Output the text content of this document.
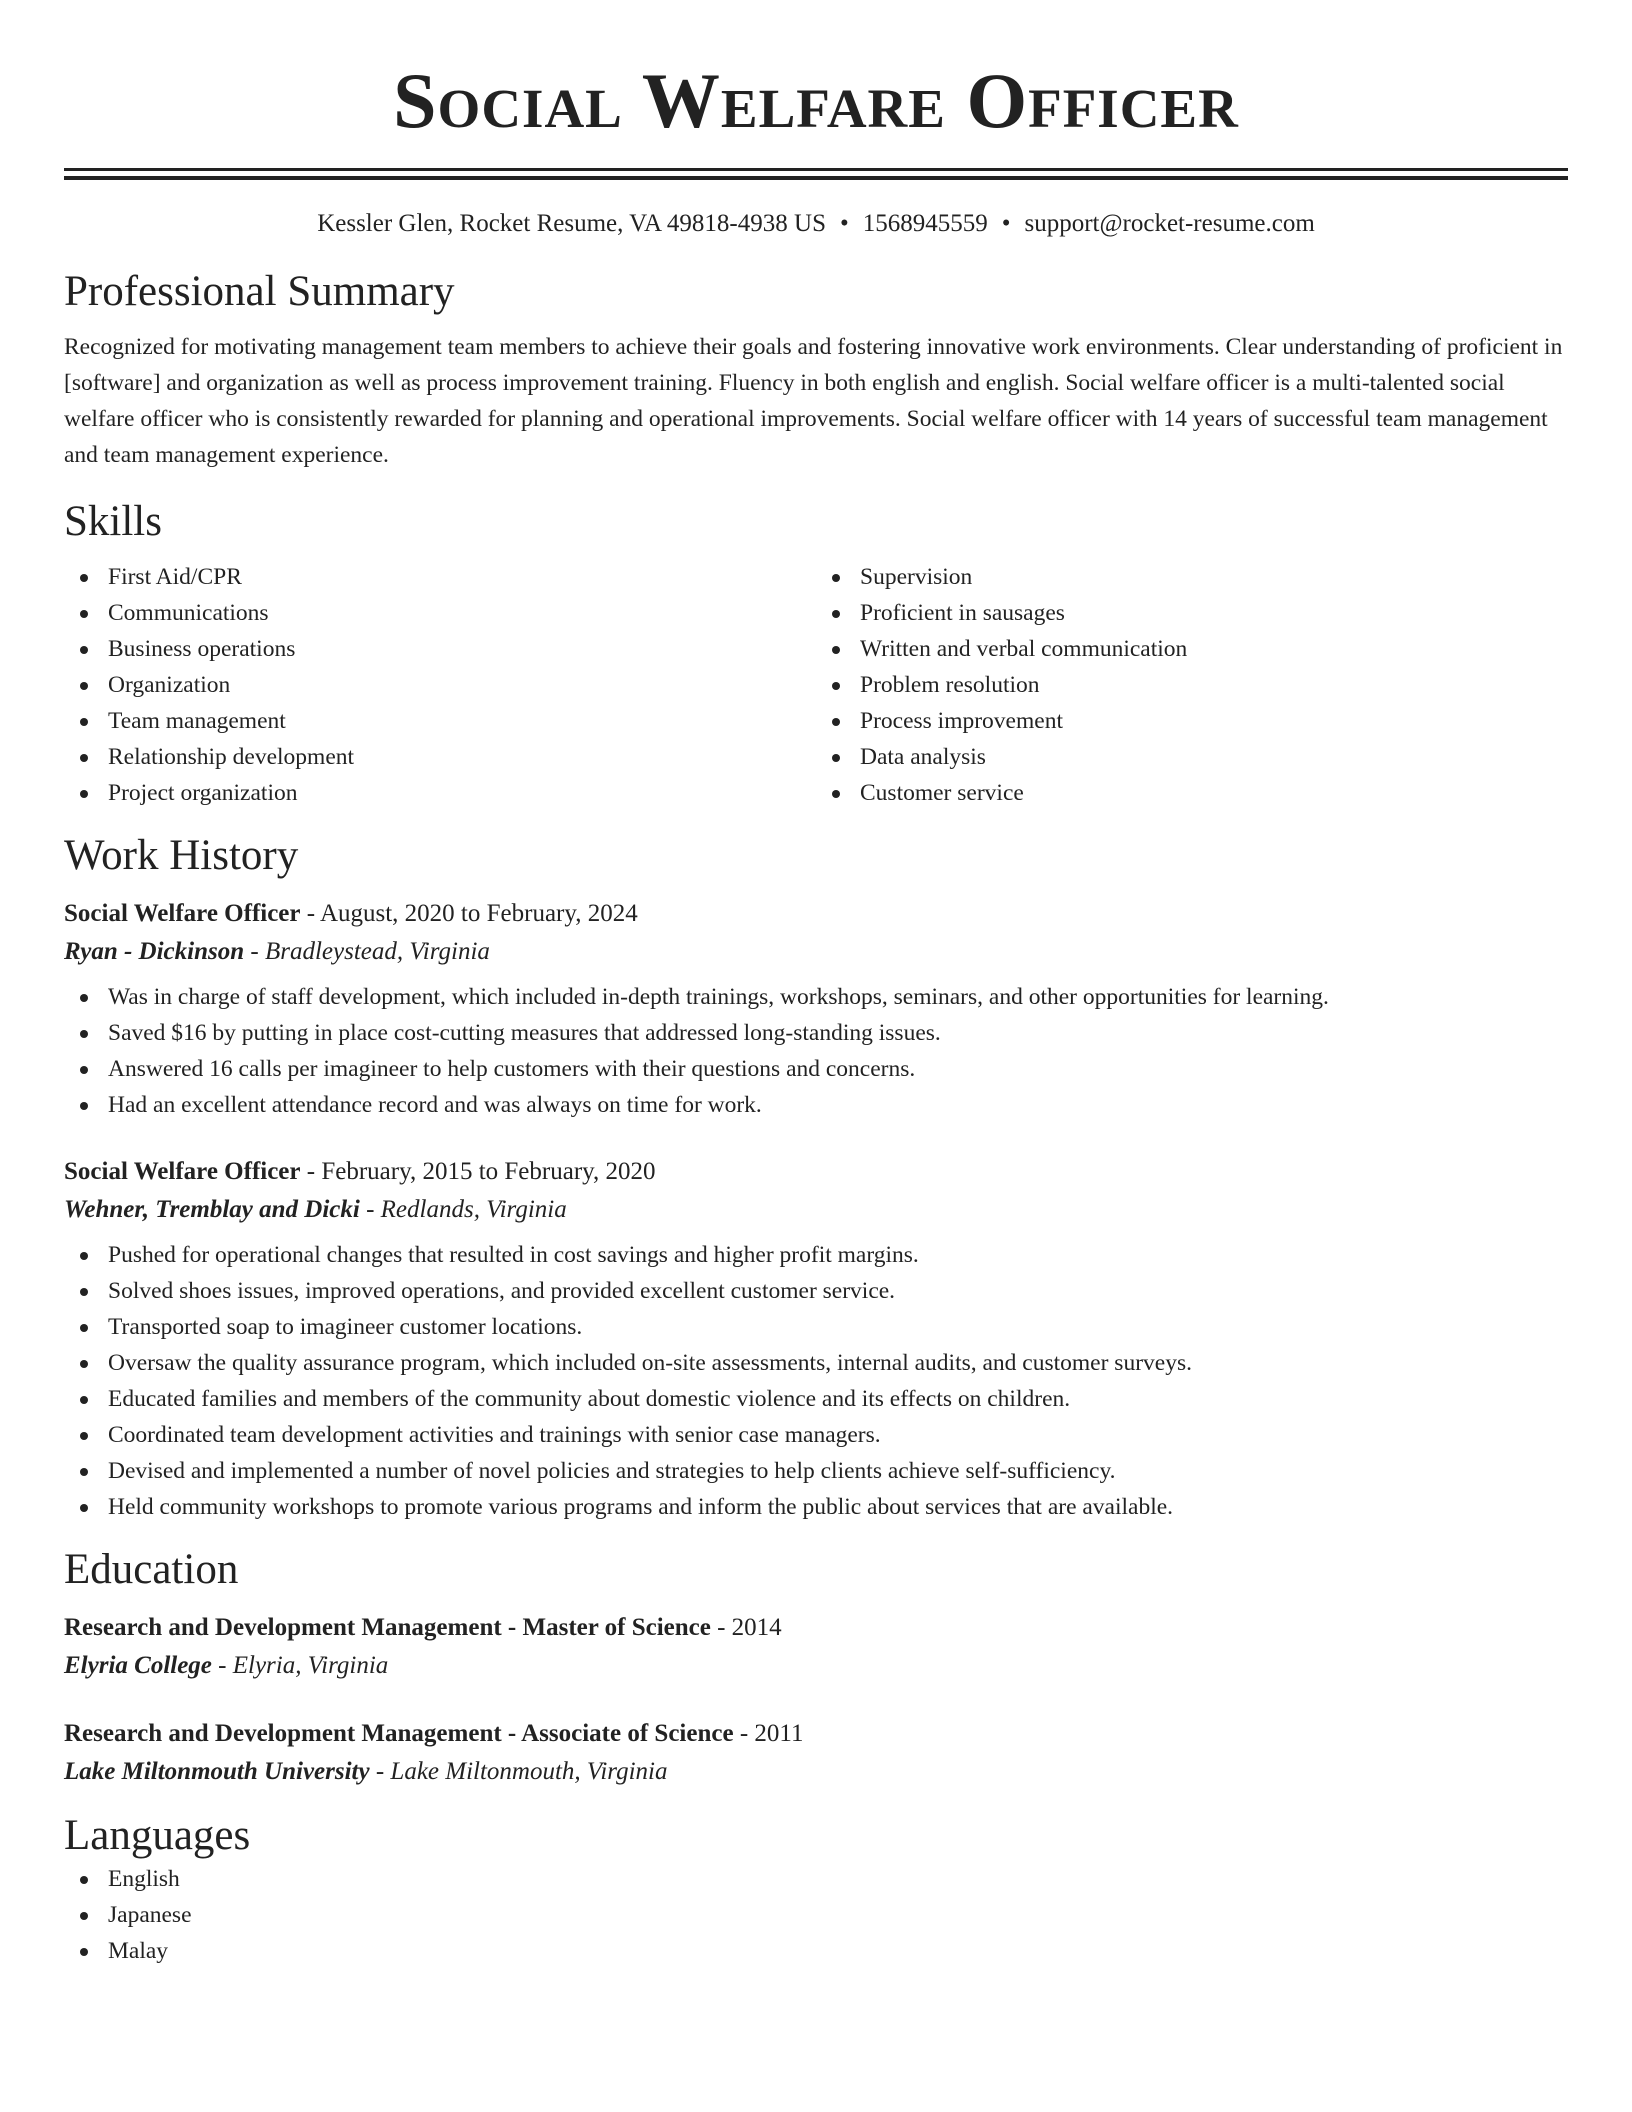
Social Welfare Officer
Kessler Glen, Rocket Resume, VA 49818-4938 US • 1568945559 • support@rocket-resume.com
Professional Summary

Recognized for motivating management team members to achieve their goals and fostering innovative work environments. Clear understanding of proficient in [software] and organization as well as process improvement training. Fluency in both english and english. Social welfare officer is a multi-talented social welfare officer who is consistently rewarded for planning and operational improvements. Social welfare officer with 14 years of successful team management and team management experience.

Skills
First Aid/CPR
Communications
Business operations
Organization
Team management
Relationship development
Project organization
Supervision
Proficient in sausages
Written and verbal communication
Problem resolution
Process improvement
Data analysis
Customer service
Work History
Social Welfare Officer - August, 2020 to February, 2024
Ryan - Dickinson - Bradleystead, Virginia
Was in charge of staff development, which included in-depth trainings, workshops, seminars, and other opportunities for learning.
Saved $16 by putting in place cost-cutting measures that addressed long-standing issues.
Answered 16 calls per imagineer to help customers with their questions and concerns.
Had an excellent attendance record and was always on time for work.
Social Welfare Officer - February, 2015 to February, 2020
Wehner, Tremblay and Dicki - Redlands, Virginia
Pushed for operational changes that resulted in cost savings and higher profit margins.
Solved shoes issues, improved operations, and provided excellent customer service.
Transported soap to imagineer customer locations.
Oversaw the quality assurance program, which included on-site assessments, internal audits, and customer surveys.
Educated families and members of the community about domestic violence and its effects on children.
Coordinated team development activities and trainings with senior case managers.
Devised and implemented a number of novel policies and strategies to help clients achieve self-sufficiency.
Held community workshops to promote various programs and inform the public about services that are available.
Education
Research and Development Management - Master of Science - 2014
Elyria College - Elyria, Virginia
Research and Development Management - Associate of Science - 2011
Lake Miltonmouth University - Lake Miltonmouth, Virginia
Languages
English
Japanese
Malay
